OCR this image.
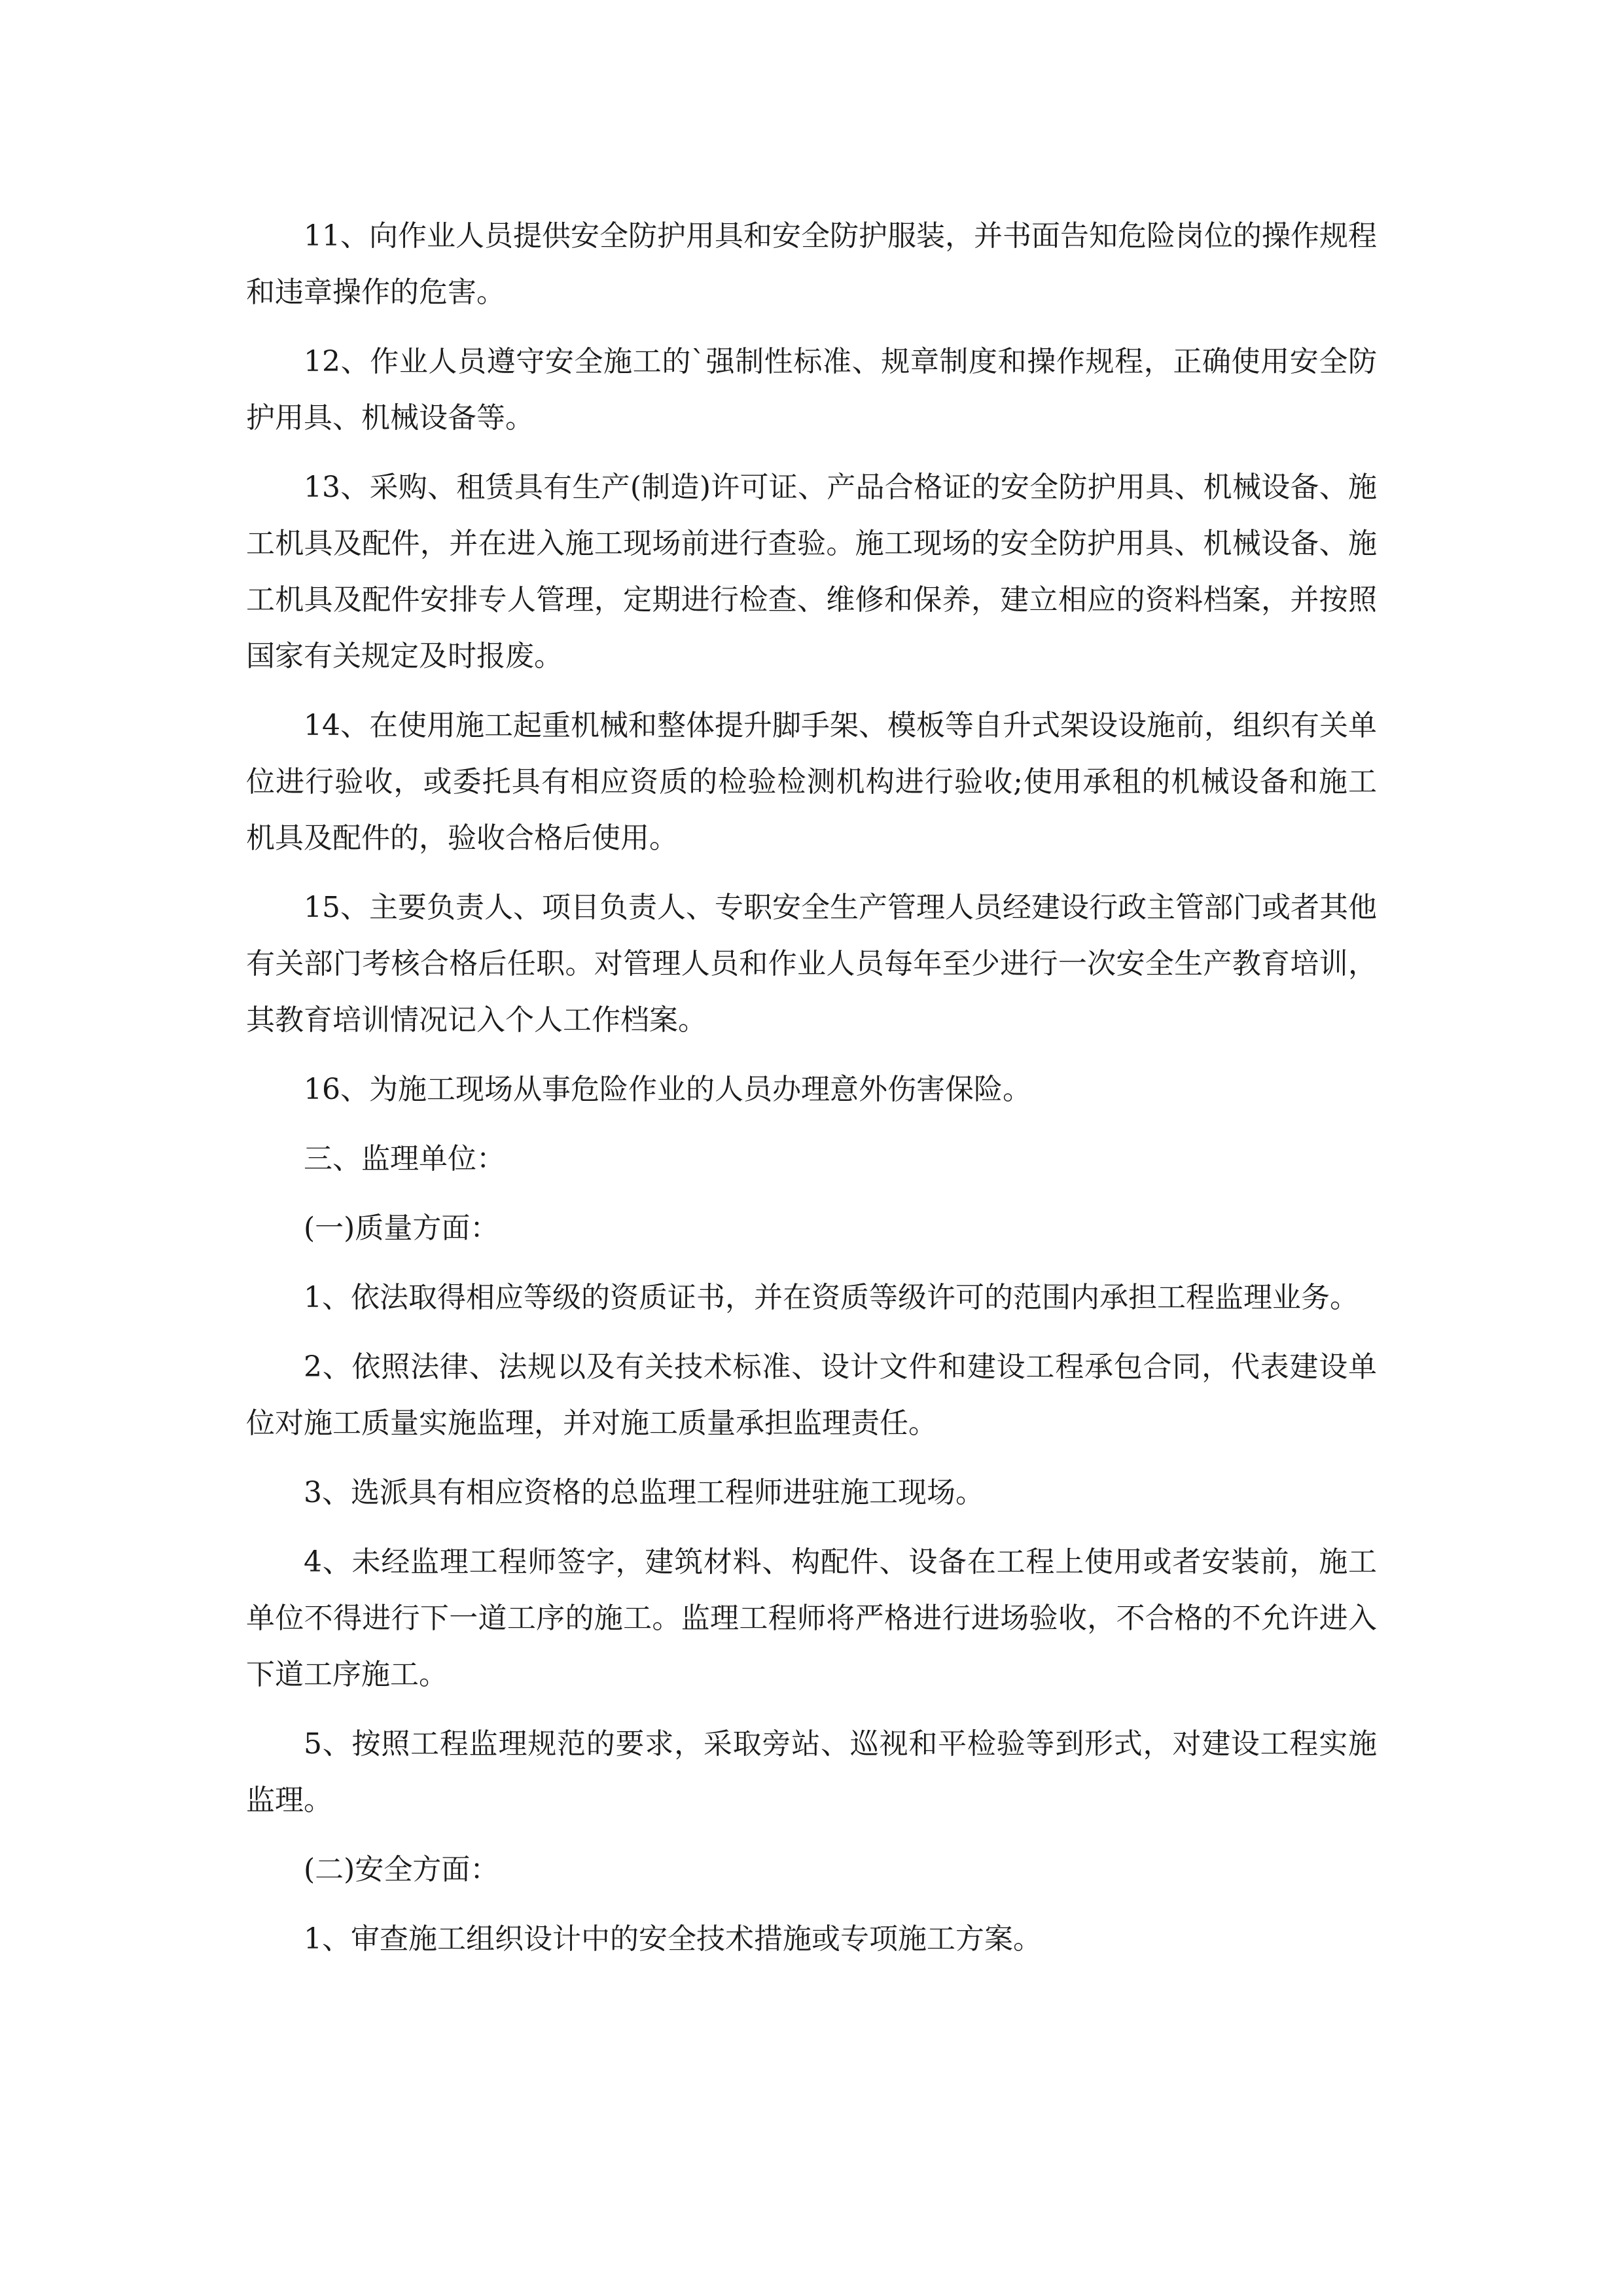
11、向作业人员提供安全防护用具和安全防护服装，并书面告知危险岗位的操作规程和违章操作的危害。

12、作业人员遵守安全施工的`强制性标准、规章制度和操作规程，正确使用安全防护用具、机械设备等。

13、采购、租赁具有生产(制造)许可证、产品合格证的安全防护用具、机械设备、施工机具及配件，并在进入施工现场前进行查验。施工现场的安全防护用具、机械设备、施工机具及配件安排专人管理，定期进行检查、维修和保养，建立相应的资料档案，并按照国家有关规定及时报废。

14、在使用施工起重机械和整体提升脚手架、模板等自升式架设设施前，组织有关单位进行验收，或委托具有相应资质的检验检测机构进行验收;使用承租的机械设备和施工机具及配件的，验收合格后使用。

15、主要负责人、项目负责人、专职安全生产管理人员经建设行政主管部门或者其他有关部门考核合格后任职。对管理人员和作业人员每年至少进行一次安全生产教育培训，其教育培训情况记入个人工作档案。

16、为施工现场从事危险作业的人员办理意外伤害保险。

三、监理单位：

(一)质量方面：

1、依法取得相应等级的资质证书，并在资质等级许可的范围内承担工程监理业务。

2、依照法律、法规以及有关技术标准、设计文件和建设工程承包合同，代表建设单位对施工质量实施监理，并对施工质量承担监理责任。

3、选派具有相应资格的总监理工程师进驻施工现场。

4、未经监理工程师签字，建筑材料、构配件、设备在工程上使用或者安装前，施工单位不得进行下一道工序的施工。监理工程师将严格进行进场验收，不合格的不允许进入下道工序施工。

5、按照工程监理规范的要求，采取旁站、巡视和平检验等到形式，对建设工程实施监理。

(二)安全方面：

1、审查施工组织设计中的安全技术措施或专项施工方案。
